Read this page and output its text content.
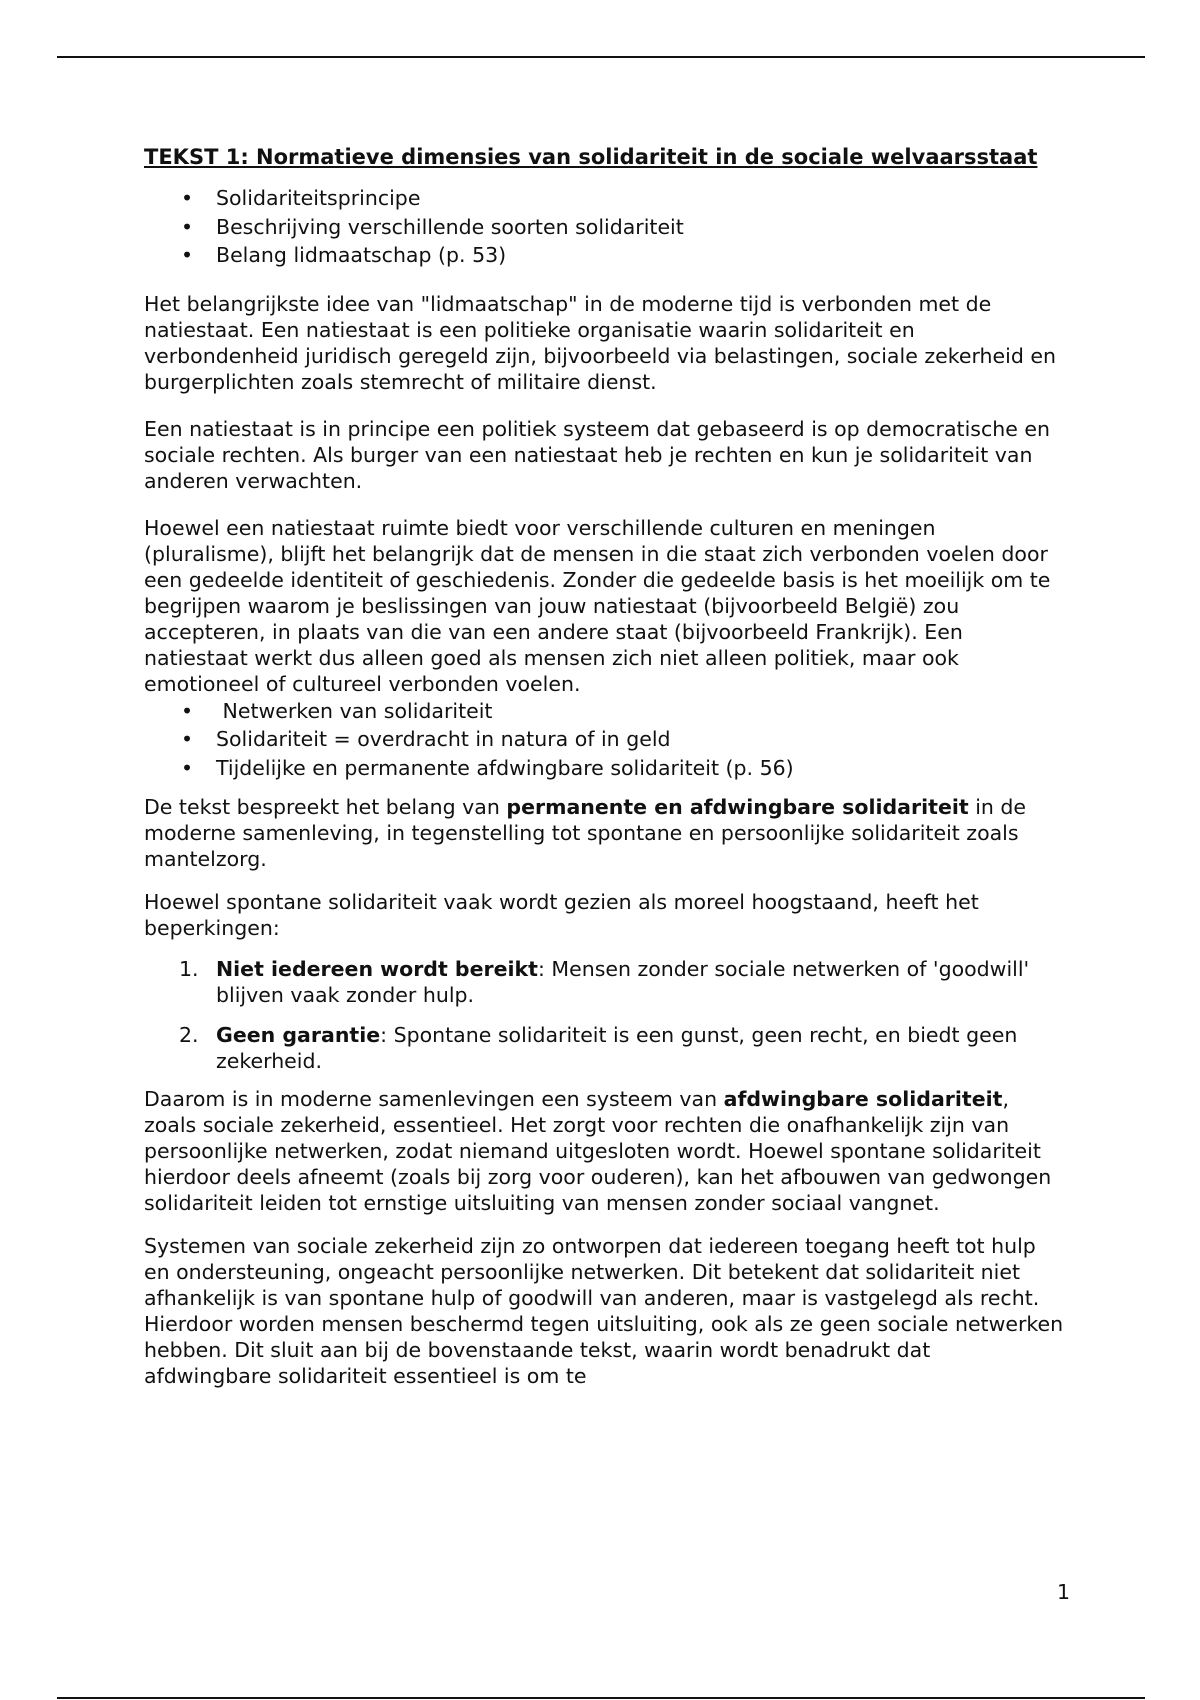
TEKST 1: Normatieve dimensies van solidariteit in de sociale welvaarsstaat
• Solidariteitsprincipe
• Beschrijving verschillende soorten solidariteit
• Belang lidmaatschap (p. 53)

Het belangrijkste idee van "lidmaatschap" in de moderne tijd is verbonden met de natiestaat. Een natiestaat is een politieke organisatie waarin solidariteit en verbondenheid juridisch geregeld zijn, bijvoorbeeld via belastingen, sociale zekerheid en burgerplichten zoals stemrecht of militaire dienst.

Een natiestaat is in principe een politiek systeem dat gebaseerd is op democratische en sociale rechten. Als burger van een natiestaat heb je rechten en kun je solidariteit van anderen verwachten.

Hoewel een natiestaat ruimte biedt voor verschillende culturen en meningen (pluralisme), blijft het belangrijk dat de mensen in die staat zich verbonden voelen door een gedeelde identiteit of geschiedenis. Zonder die gedeelde basis is het moeilijk om te begrijpen waarom je beslissingen van jouw natiestaat (bijvoorbeeld België) zou accepteren, in plaats van die van een andere staat (bijvoorbeeld Frankrijk). Een natiestaat werkt dus alleen goed als mensen zich niet alleen politiek, maar ook emotioneel of cultureel verbonden voelen.

•  Netwerken van solidariteit
• Solidariteit = overdracht in natura of in geld
• Tijdelijke en permanente afdwingbare solidariteit (p. 56)

De tekst bespreekt het belang van permanente en afdwingbare solidariteit in de moderne samenleving, in tegenstelling tot spontane en persoonlijke solidariteit zoals mantelzorg.

Hoewel spontane solidariteit vaak wordt gezien als moreel hoogstaand, heeft het beperkingen:

1. Niet iedereen wordt bereikt: Mensen zonder sociale netwerken of 'goodwill' blijven vaak zonder hulp.
2. Geen garantie: Spontane solidariteit is een gunst, geen recht, en biedt geen zekerheid.

Daarom is in moderne samenlevingen een systeem van afdwingbare solidariteit, zoals sociale zekerheid, essentieel. Het zorgt voor rechten die onafhankelijk zijn van persoonlijke netwerken, zodat niemand uitgesloten wordt. Hoewel spontane solidariteit hierdoor deels afneemt (zoals bij zorg voor ouderen), kan het afbouwen van gedwongen solidariteit leiden tot ernstige uitsluiting van mensen zonder sociaal vangnet.

Systemen van sociale zekerheid zijn zo ontworpen dat iedereen toegang heeft tot hulp en ondersteuning, ongeacht persoonlijke netwerken. Dit betekent dat solidariteit niet afhankelijk is van spontane hulp of goodwill van anderen, maar is vastgelegd als recht. Hierdoor worden mensen beschermd tegen uitsluiting, ook als ze geen sociale netwerken hebben. Dit sluit aan bij de bovenstaande tekst, waarin wordt benadrukt dat afdwingbare solidariteit essentieel is om te

1
